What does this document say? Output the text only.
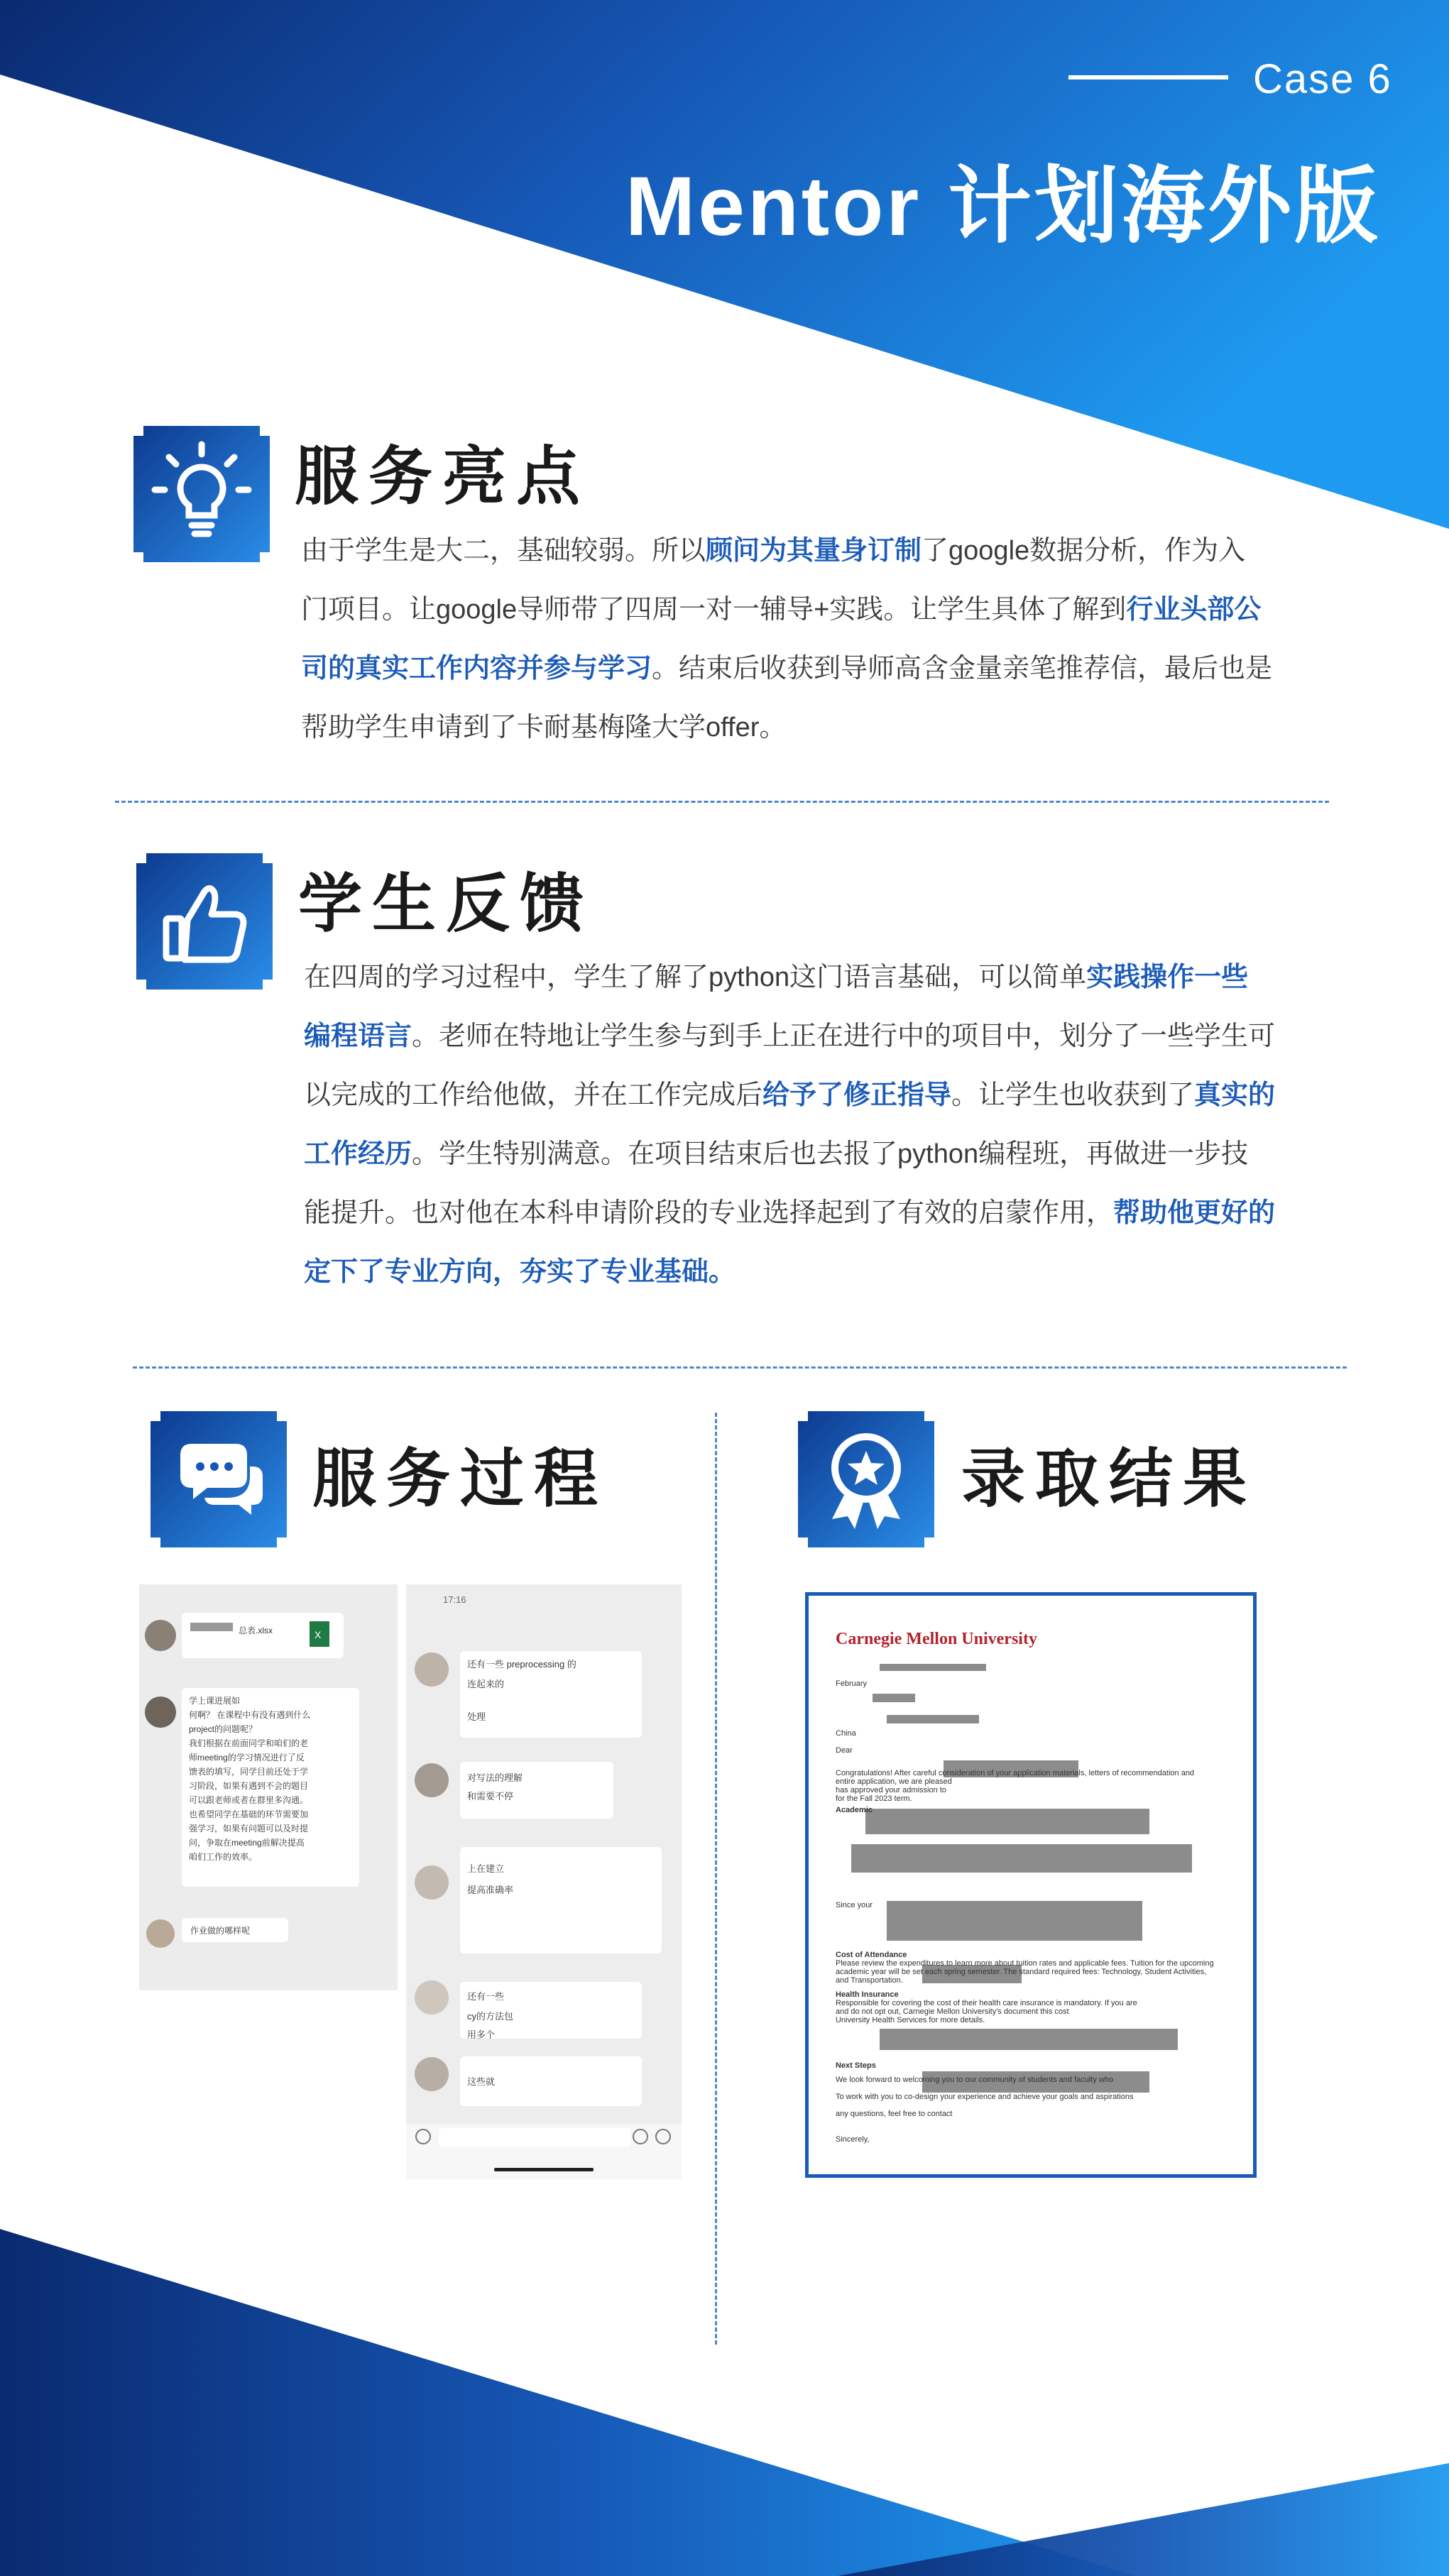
Case 6
Mentor 计划海外版
服务亮点
由于学生是大二，基础较弱。所以顾问为其量身订制了google数据分析，作为入
门项目。让google导师带了四周一对一辅导+实践。让学生具体了解到行业头部公
司的真实工作内容并参与学习。结束后收获到导师高含金量亲笔推荐信，最后也是
帮助学生申请到了卡耐基梅隆大学offer。
学生反馈
在四周的学习过程中，学生了解了python这门语言基础，可以简单实践操作一些
编程语言。老师在特地让学生参与到手上正在进行中的项目中，划分了一些学生可
以完成的工作给他做，并在工作完成后给予了修正指导。让学生也收获到了真实的
工作经历。学生特别满意。在项目结束后也去报了python编程班，再做进一步技
能提升。也对他在本科申请阶段的专业选择起到了有效的启蒙作用，帮助他更好的
定下了专业方向，夯实了专业基础。
服务过程
X
总表.xlsx
学上课进展如
何啊？ 在课程中有没有遇到什么
project的问题呢？
我们根据在前面同学和咱们的老
师meeting的学习情况进行了反
馈表的填写，同学目前还处于学
习阶段，如果有遇到不会的题目
可以跟老师或者在群里多沟通。
也希望同学在基础的环节需要加
强学习，如果有问题可以及时提
问，争取在meeting前解决提高
咱们工作的效率。
作业做的哪样呢
17:16
还有一些 preprocessing 的
连起来的
处理
对写法的理解
和需要不停
上在建立
提高准确率
还有一些
cy的方法包
用多个
这些就
录取结果
Carnegie Mellon University
February
China
Dear
Congratulations! After careful consideration of your application materials, letters of recommendation and
entire application, we are pleased
has approved your admission to
for the Fall 2023 term.
Academic
Since your
Cost of Attendance
Please review the expenditures to learn more about tuition rates and applicable fees. Tuition for the upcoming
academic year will be set each spring semester. The standard required fees: Technology, Student Activities,
and Transportation.
Health Insurance
Responsible for covering the cost of their health care insurance is mandatory. If you are
and do not opt out, Carnegie Mellon University's document this cost
University Health Services for more details.
Next Steps
We look forward to welcoming you to our community of students and faculty who
To work with you to co-design your experience and achieve your goals and aspirations
any questions, feel free to contact
Sincerely,
